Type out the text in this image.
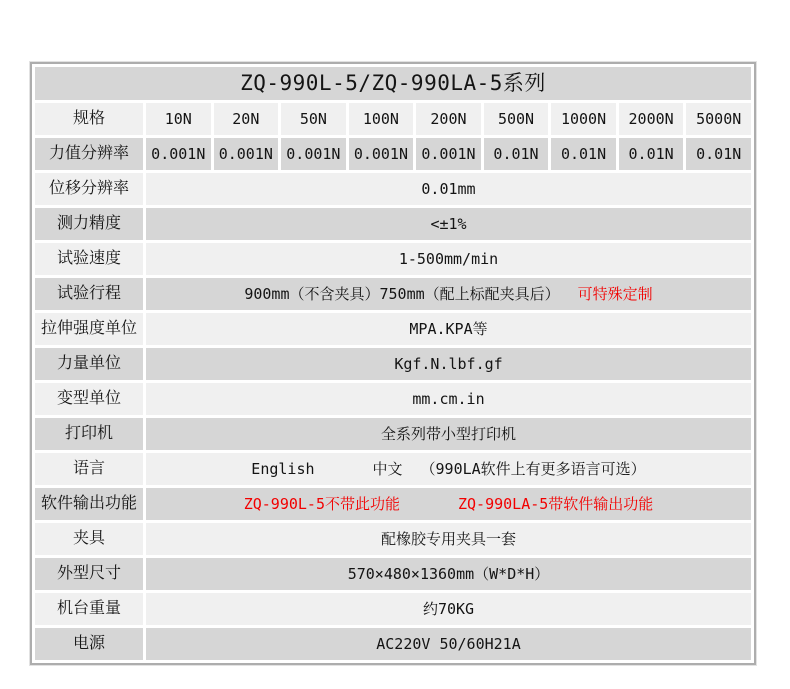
ZQ-990L-5/ZQ-990LA-5系列									
规格	10N	20N	50N	100N	200N	500N	1000N	2000N	5000N
力值分辨率	0.001N	0.001N	0.001N	0.001N	0.001N	0.01N	0.01N	0.01N	0.01N
位移分辨率	0.01mm								
测力精度	<±1%								
试验速度	1-500mm/min								
试验行程	900mm（不含夹具）750mm（配上标配夹具后） 可特殊定制								
拉伸强度单位	MPA.KPA等								
力量单位	Kgf.N.lbf.gf								
变型单位	mm.cm.in								
打印机	全系列带小型打印机								
语言	English 中文 （990LA软件上有更多语言可选）								
软件输出功能	ZQ-990L-5不带此功能 ZQ-990LA-5带软件输出功能								
夹具	配橡胶专用夹具一套								
外型尺寸	570×480×1360mm（W*D*H）								
机台重量	约70KG								
电源	AC220V 50/60H21A								
